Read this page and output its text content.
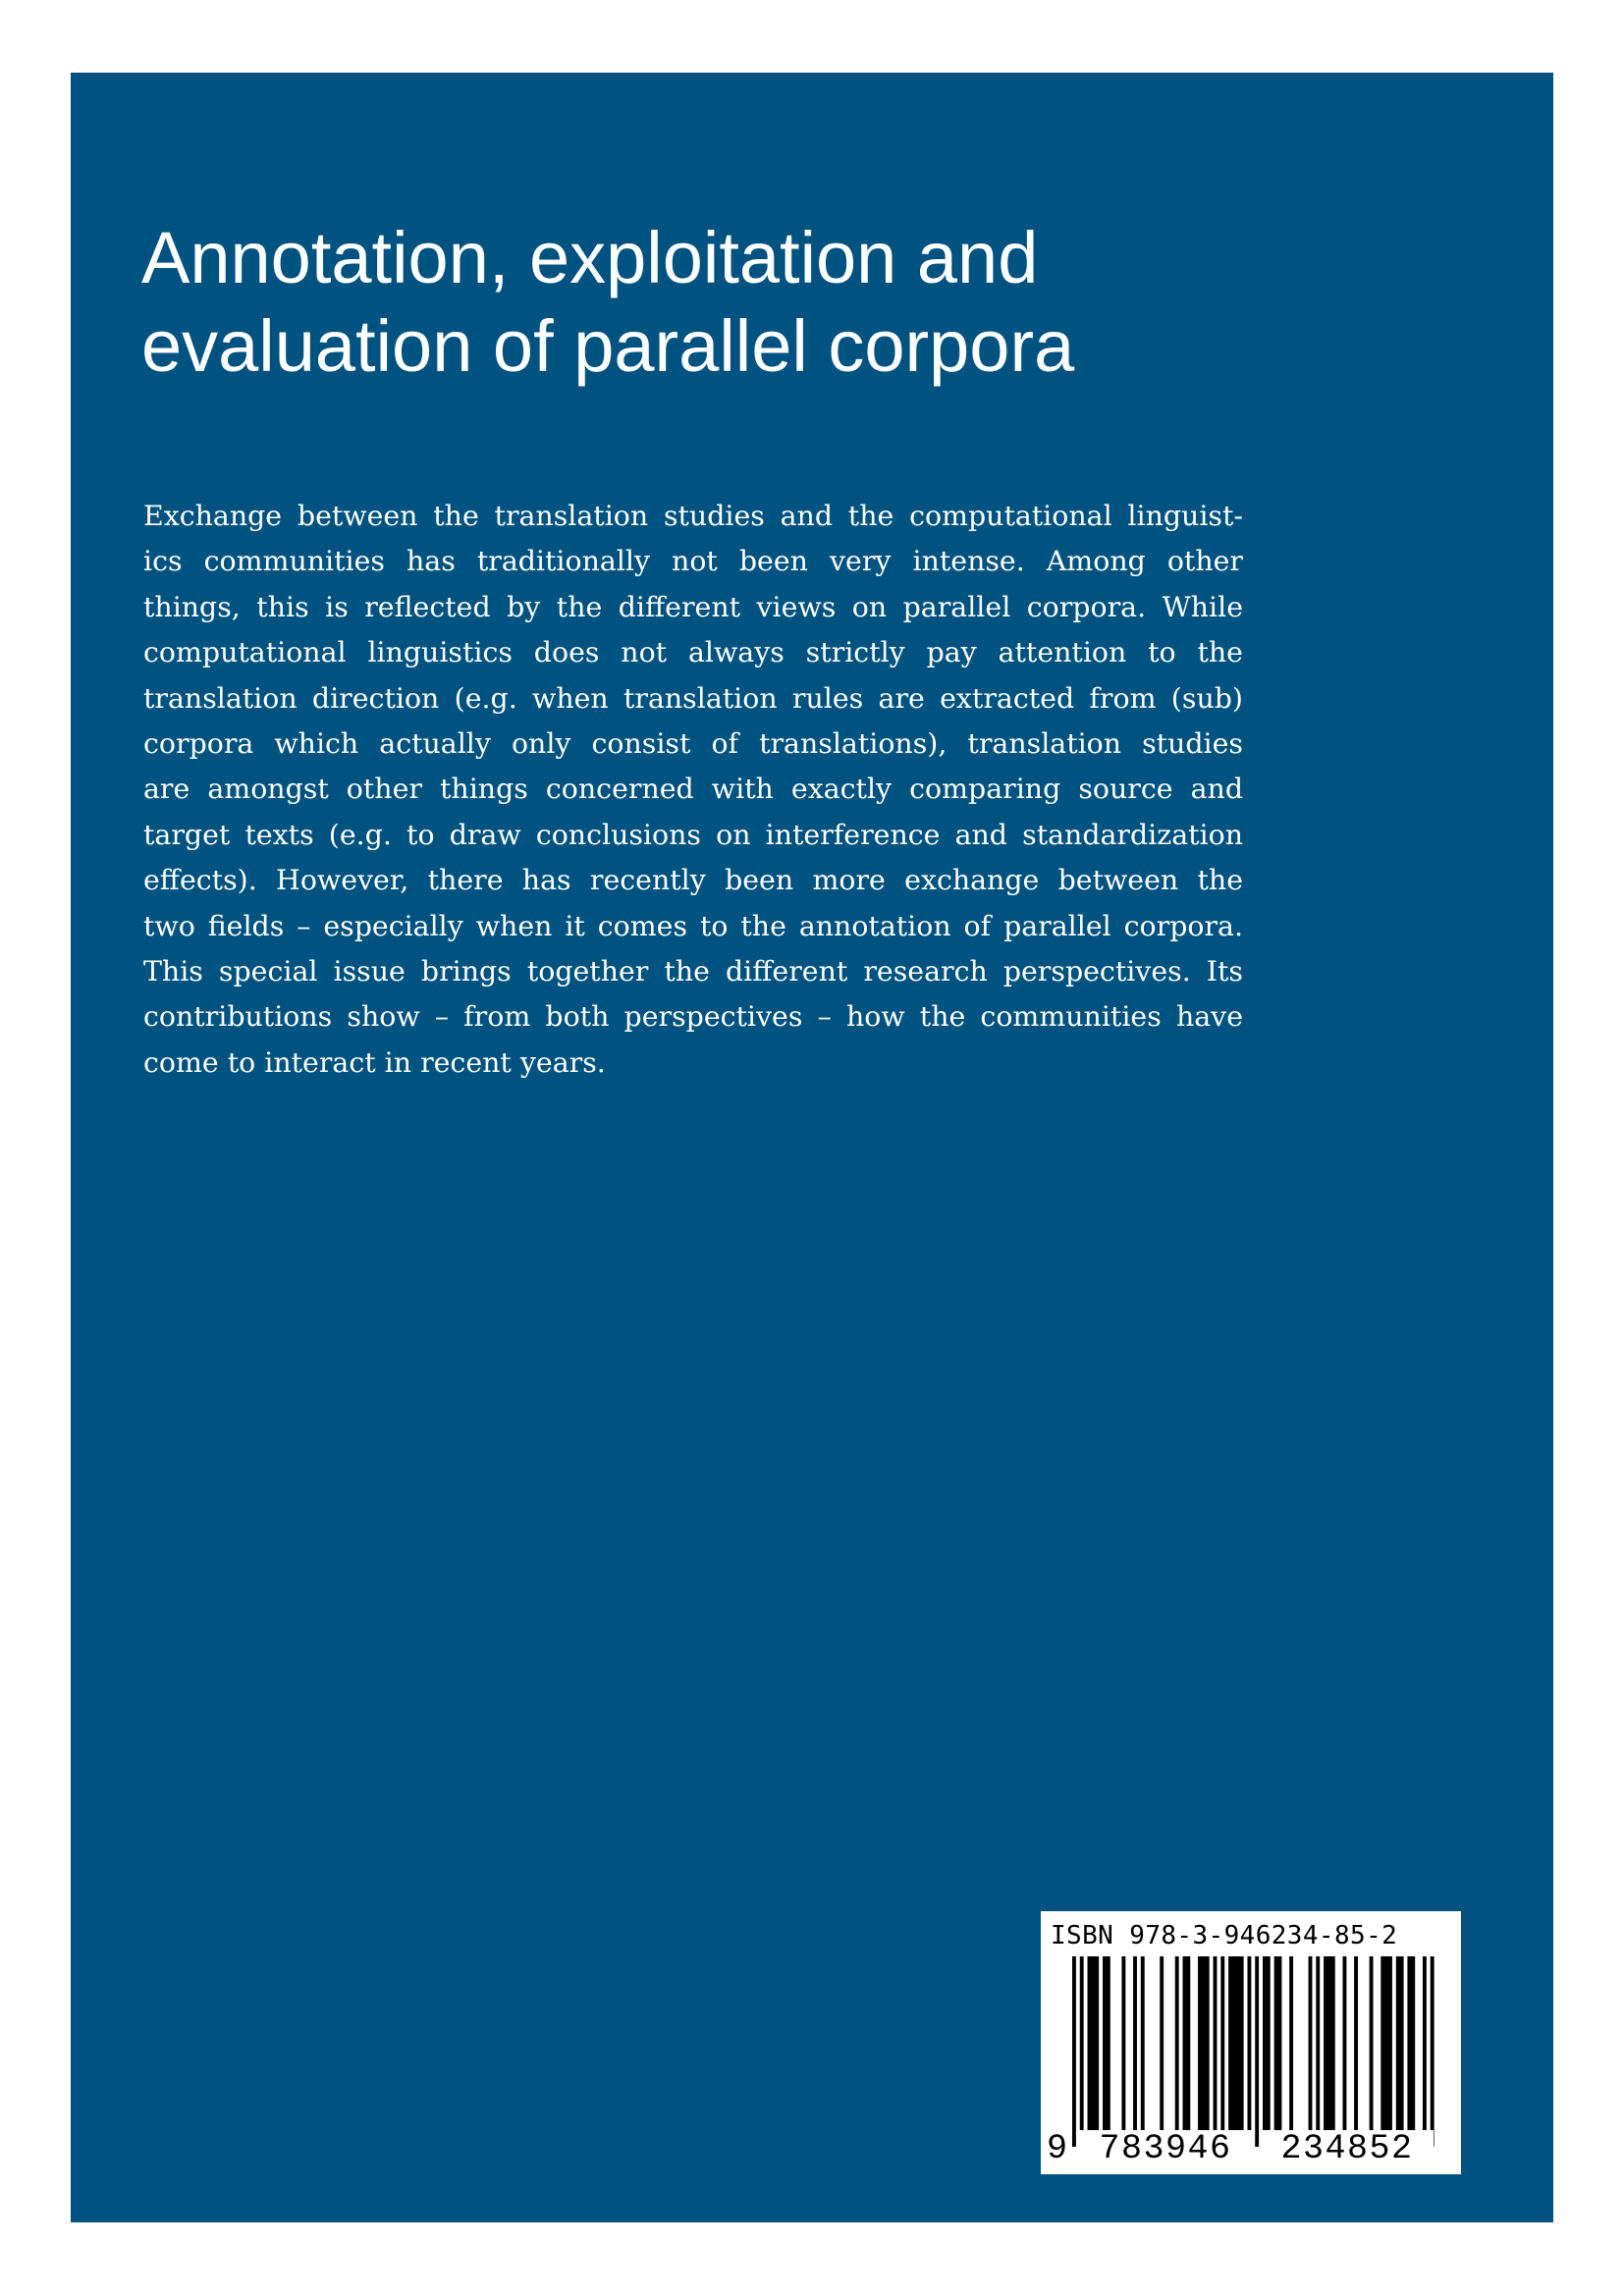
Annotation, exploitation and
evaluation of parallel corpora
Exchange between the translation studies and the computational linguist-
ics communities has traditionally not been very intense. Among other
things, this is reflected by the different views on parallel corpora. While
computational linguistics does not always strictly pay attention to the
translation direction (e.g. when translation rules are extracted from (sub)
corpora which actually only consist of translations), translation studies
are amongst other things concerned with exactly comparing source and
target texts (e.g. to draw conclusions on interference and standardization
effects). However, there has recently been more exchange between the
two fields – especially when it comes to the annotation of parallel corpora.
This special issue brings together the different research perspectives. Its
contributions show – from both perspectives – how the communities have
come to interact in recent years.
ISBN 978-3-946234-85-2
9 783946	234852
